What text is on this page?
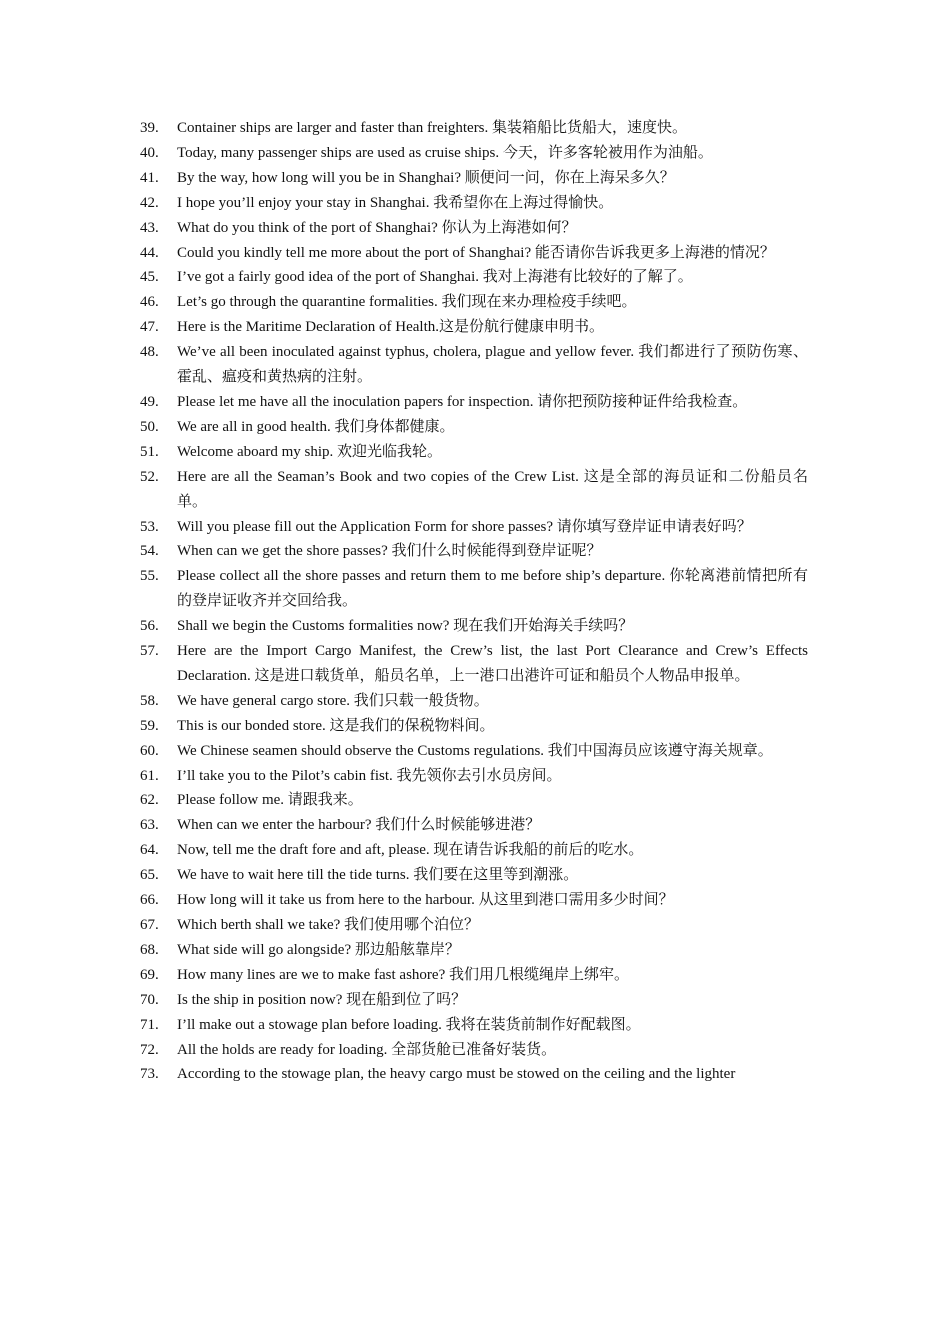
39.	Container ships are larger and faster than freighters. 集装箱船比货船大，速度快。
40.	Today, many passenger ships are used as cruise ships. 今天，许多客轮被用作为油船。
41.	By the way, how long will you be in Shanghai? 顺便问一问，你在上海呆多久？
42.	I hope you’ll enjoy your stay in Shanghai. 我希望你在上海过得愉快。
43.	What do you think of the port of Shanghai? 你认为上海港如何？
44.	Could you kindly tell me more about the port of Shanghai? 能否请你告诉我更多上海港的情况？
45.	I’ve got a fairly good idea of the port of Shanghai. 我对上海港有比较好的了解了。
46.	Let’s go through the quarantine formalities. 我们现在来办理检疫手续吧。
47.	Here is the Maritime Declaration of Health.这是份航行健康申明书。
48.	We’ve all been inoculated against typhus, cholera, plague and yellow fever. 我们都进行了预防伤寒、霍乱、瘟疫和黄热病的注射。
49.	Please let me have all the inoculation papers for inspection. 请你把预防接种证件给我检查。
50.	We are all in good health. 我们身体都健康。
51.	Welcome aboard my ship. 欢迎光临我轮。
52.	Here are all the Seaman’s Book and two copies of the Crew List. 这是全部的海员证和二份船员名单。
53.	Will you please fill out the Application Form for shore passes? 请你填写登岸证申请表好吗？
54.	When can we get the shore passes? 我们什么时候能得到登岸证呢？
55.	Please collect all the shore passes and return them to me before ship’s departure. 你轮离港前情把所有的登岸证收齐并交回给我。
56.	Shall we begin the Customs formalities now? 现在我们开始海关手续吗？
57.	Here are the Import Cargo Manifest, the Crew’s list, the last Port Clearance and Crew’s Effects Declaration. 这是进口载货单，船员名单，上一港口出港许可证和船员个人物品申报单。
58.	We have general cargo store. 我们只载一般货物。
59.	This is our bonded store. 这是我们的保税物料间。
60.	We Chinese seamen should observe the Customs regulations. 我们中国海员应该遵守海关规章。
61.	I’ll take you to the Pilot’s cabin fist. 我先领你去引水员房间。
62.	Please follow me. 请跟我来。
63.	When can we enter the harbour? 我们什么时候能够进港？
64.	Now, tell me the draft fore and aft, please. 现在请告诉我船的前后的吃水。
65.	We have to wait here till the tide turns. 我们要在这里等到潮涨。
66.	How long will it take us from here to the harbour. 从这里到港口需用多少时间？
67.	Which berth shall we take? 我们使用哪个泊位？
68.	What side will go alongside? 那边船舷靠岸？
69.	How many lines are we to make fast ashore? 我们用几根缆绳岸上绑牢。
70.	Is the ship in position now? 现在船到位了吗？
71.	I’ll make out a stowage plan before loading. 我将在装货前制作好配载图。
72.	All the holds are ready for loading. 全部货舱已准备好装货。
73.	According to the stowage plan, the heavy cargo must be stowed on the ceiling and the lighter
